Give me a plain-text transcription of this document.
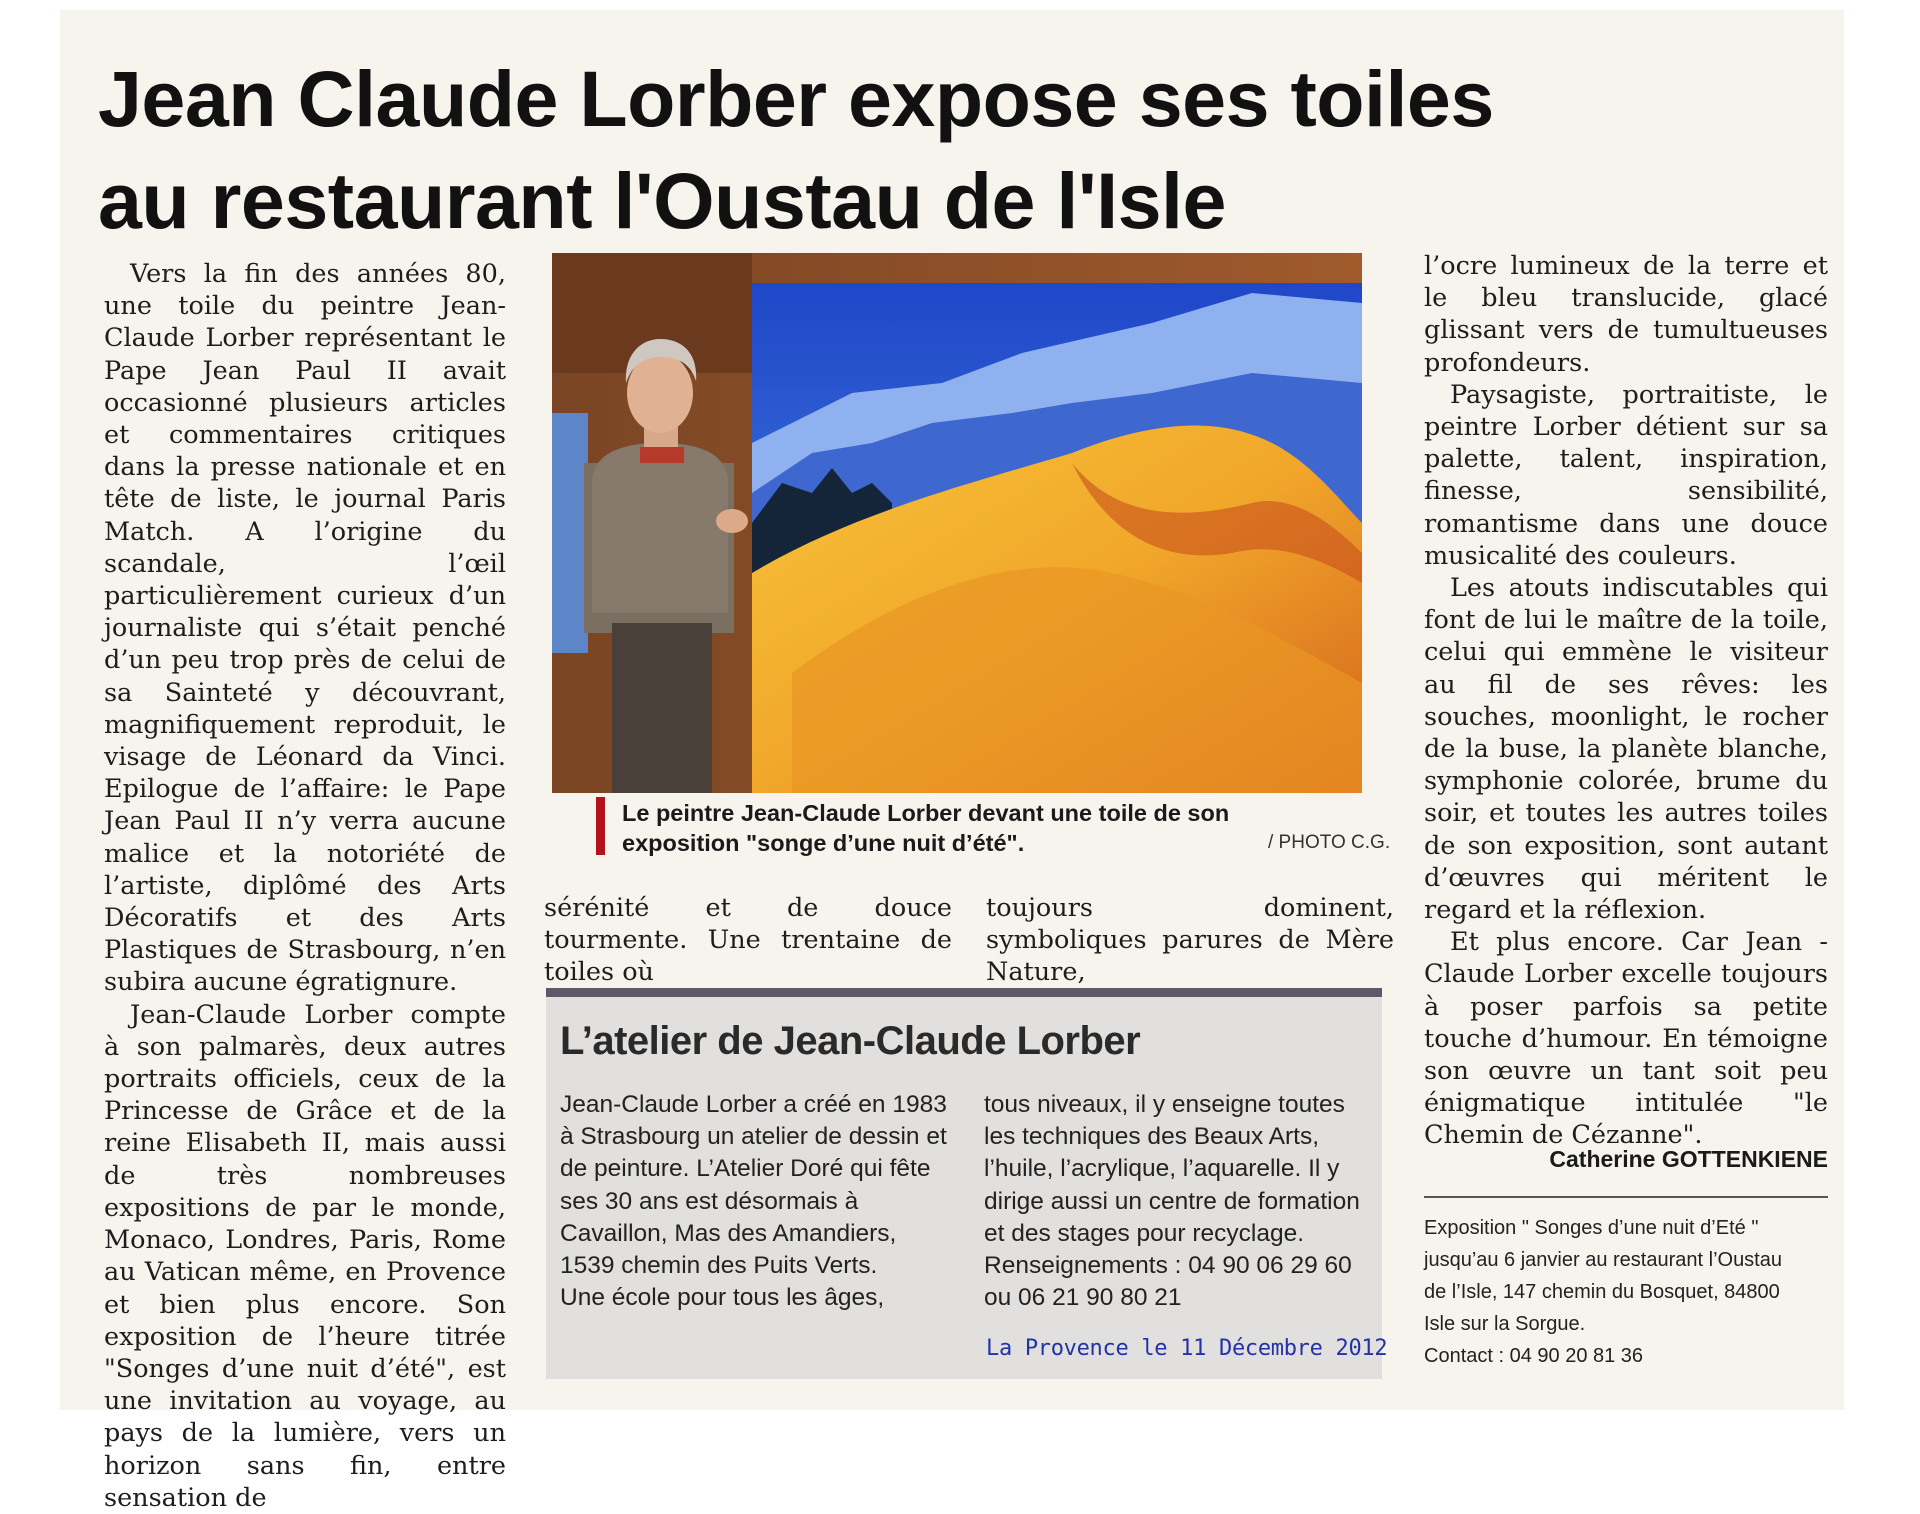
Jean Claude Lorber expose ses toiles
au restaurant l'Oustau de l'Isle

Vers la fin des années 80, une toile du peintre Jean-Claude Lorber représentant le Pape Jean Paul II avait occasionné plusieurs articles et commentaires critiques dans la presse nationale et en tête de liste, le journal Paris Match. A l’origine du scandale, l’œil particulièrement curieux d’un journaliste qui s’était penché d’un peu trop près de celui de sa Sainteté y découvrant, magnifiquement reproduit, le visage de Léonard da Vinci. Epilogue de l’affaire: le Pape Jean Paul II n’y verra aucune malice et la notoriété de l’artiste, diplômé des Arts Décoratifs et des Arts Plastiques de Strasbourg, n’en subira aucune égratignure.

Jean-Claude Lorber compte à son palmarès, deux autres portraits officiels, ceux de la Princesse de Grâce et de la reine Elisabeth II, mais aussi de très nombreuses expositions de par le monde, Monaco, Londres, Paris, Rome au Vatican même, en Provence et bien plus encore. Son exposition de l’heure titrée "Songes d’une nuit d’été", est une invitation au voyage, au pays de la lumière, vers un horizon sans fin, entre sensation de

Le peintre Jean-Claude Lorber devant une toile de son exposition "songe d’une nuit d’été".	/ PHOTO C.G.
sérénité et de douce tourmente. Une trentaine de toiles où
toujours dominent, symboliques parures de Mère Nature,
L’atelier de Jean-Claude Lorber

Jean-Claude Lorber a créé en 1983 à Strasbourg un atelier de dessin et de peinture. L’Atelier Doré qui fête ses 30 ans est désormais à Cavaillon, Mas des Amandiers, 1539 chemin des Puits Verts.

Une école pour tous les âges,

tous niveaux, il y enseigne toutes les techniques des Beaux Arts, l’huile, l’acrylique, l’aquarelle. Il y dirige aussi un centre de formation et des stages pour recyclage.

Renseignements : 04 90 06 29 60 ou 06 21 90 80 21

La Provence le 11 Décembre 2012

l’ocre lumineux de la terre et le bleu translucide, glacé glissant vers de tumultueuses profondeurs.

Paysagiste, portraitiste, le peintre Lorber détient sur sa palette, talent, inspiration, finesse, sensibilité, romantisme dans une douce musicalité des couleurs.

Les atouts indiscutables qui font de lui le maître de la toile, celui qui emmène le visiteur au fil de ses rêves: les souches, moonlight, le rocher de la buse, la planète blanche, symphonie colorée, brume du soir, et toutes les autres toiles de son exposition, sont autant d’œuvres qui méritent le regard et la réflexion.

Et plus encore. Car Jean -Claude Lorber excelle toujours à poser parfois sa petite touche d’humour. En témoigne son œuvre un tant soit peu énigmatique intitulée "le Chemin de Cézanne".

Catherine GOTTENKIENE

Exposition " Songes d’une nuit d’Eté "

jusqu’au 6 janvier au restaurant l’Oustau

de l’Isle, 147 chemin du Bosquet, 84800

Isle sur la Sorgue.

Contact : 04 90 20 81 36
